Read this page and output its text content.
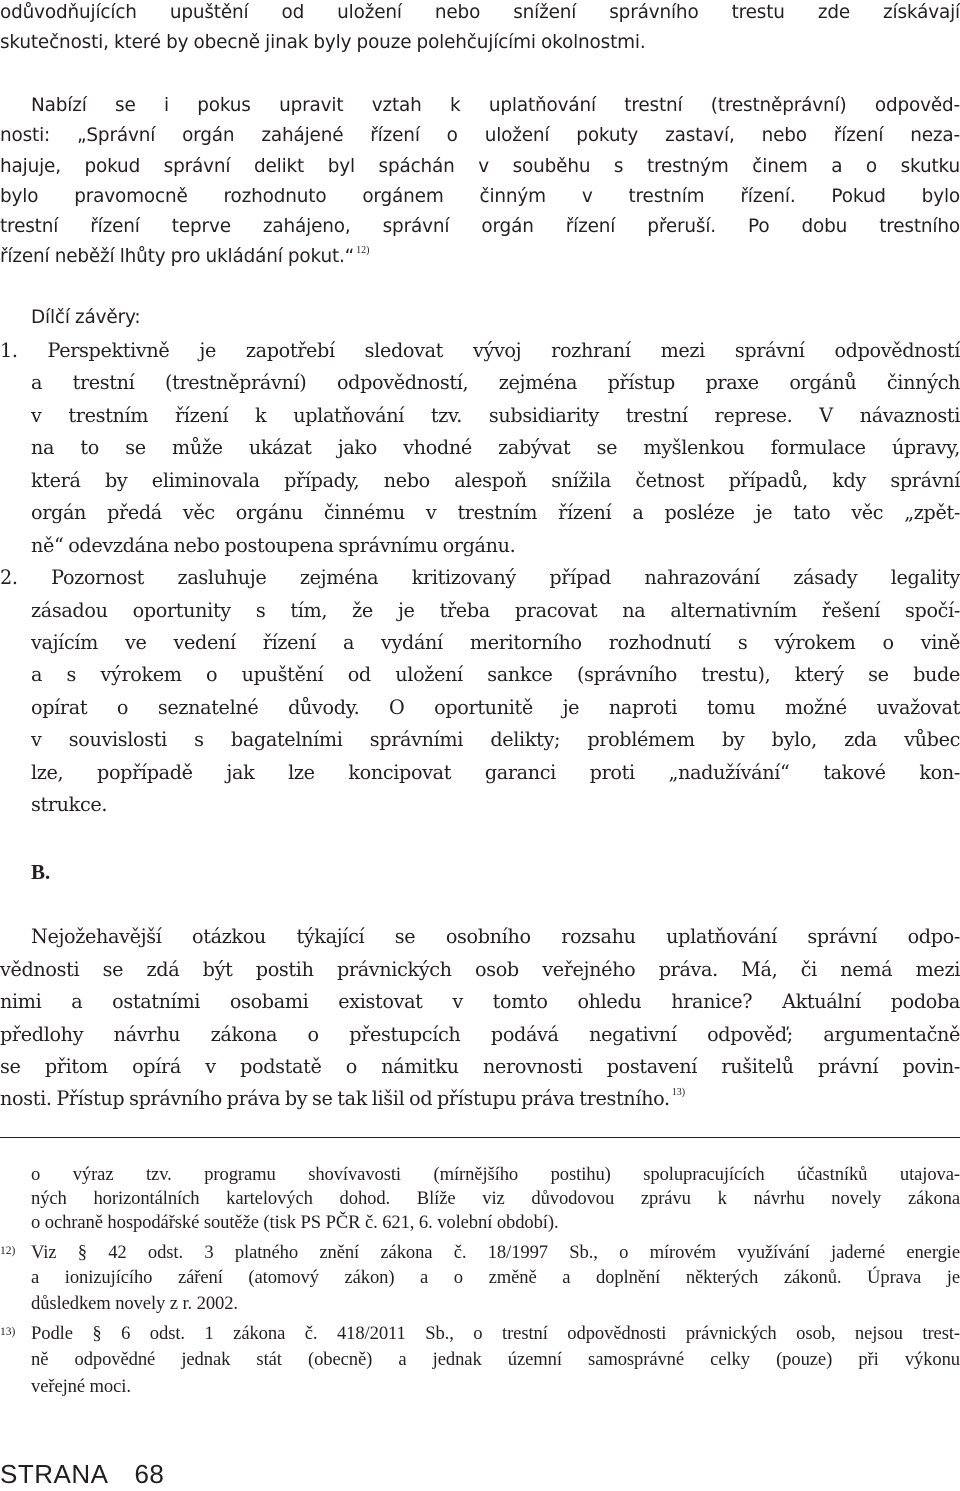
odůvodňujících upuštění od uložení nebo snížení správního trestu zde získávají

skutečnosti, které by obecně jinak byly pouze polehčujícími okolnostmi.

Nabízí se i pokus upravit vztah k uplatňování trestní (trestněprávní) odpověd-

nosti: „Správní orgán zahájené řízení o uložení pokuty zastaví, nebo řízení neza-

hajuje, pokud správní delikt byl spáchán v souběhu s trestným činem a o skutku

bylo pravomocně rozhodnuto orgánem činným v trestním řízení. Pokud bylo

trestní řízení teprve zahájeno, správní orgán řízení přeruší. Po dobu trestního

řízení neběží lhůty pro ukládání pokut.“ $^{12)}$

Dílčí závěry:

1. Perspektivně je zapotřebí sledovat vývoj rozhraní mezi správní odpovědností

a trestní (trestněprávní) odpovědností, zejména přístup praxe orgánů činných

v trestním řízení k uplatňování tzv. subsidiarity trestní represe. V návaznosti

na to se může ukázat jako vhodné zabývat se myšlenkou formulace úpravy,

která by eliminovala případy, nebo alespoň snížila četnost případů, kdy správní

orgán předá věc orgánu činnému v trestním řízení a posléze je tato věc „zpět-

ně“ odevzdána nebo postoupena správnímu orgánu.

2. Pozornost zasluhuje zejména kritizovaný případ nahrazování zásady legality

zásadou oportunity s tím, že je třeba pracovat na alternativním řešení spočí-

vajícím ve vedení řízení a vydání meritorního rozhodnutí s výrokem o vině

a s výrokem o upuštění od uložení sankce (správního trestu), který se bude

opírat o seznatelné důvody. O oportunitě je naproti tomu možné uvažovat

v souvislosti s bagatelními správními delikty; problémem by bylo, zda vůbec

lze, popřípadě jak lze koncipovat garanci proti „nadužívání“ takové kon-

strukce.

B.

Nejožehavější otázkou týkající se osobního rozsahu uplatňování správní odpo-

vědnosti se zdá být postih právnických osob veřejného práva. Má, či nemá mezi

nimi a ostatními osobami existovat v tomto ohledu hranice? Aktuální podoba

předlohy návrhu zákona o přestupcích podává negativní odpověď; argumentačně

se přitom opírá v podstatě o námitku nerovnosti postavení rušitelů právní povin-

nosti. Přístup správního práva by se tak lišil od přístupu práva trestního. $^{13)}$

o výraz tzv. programu shovívavosti (mírnějšího postihu) spolupracujících účastníků utajova-

ných horizontálních kartelových dohod. Blíže viz důvodovou zprávu k návrhu novely zákona

o ochraně hospodářské soutěže (tisk PS PČR č. 621, 6. volební období).

12) Viz § 42 odst. 3 platného znění zákona č. 18/1997 Sb., o mírovém využívání jaderné energie

a ionizujícího záření (atomový zákon) a o změně a doplnění některých zákonů. Úprava je

důsledkem novely z r. 2002.

13) Podle § 6 odst. 1 zákona č. 418/2011 Sb., o trestní odpovědnosti právnických osob, nejsou trest-

ně odpovědné jednak stát (obecně) a jednak územní samosprávné celky (pouze) při výkonu

veřejné moci.

STRANA 68
